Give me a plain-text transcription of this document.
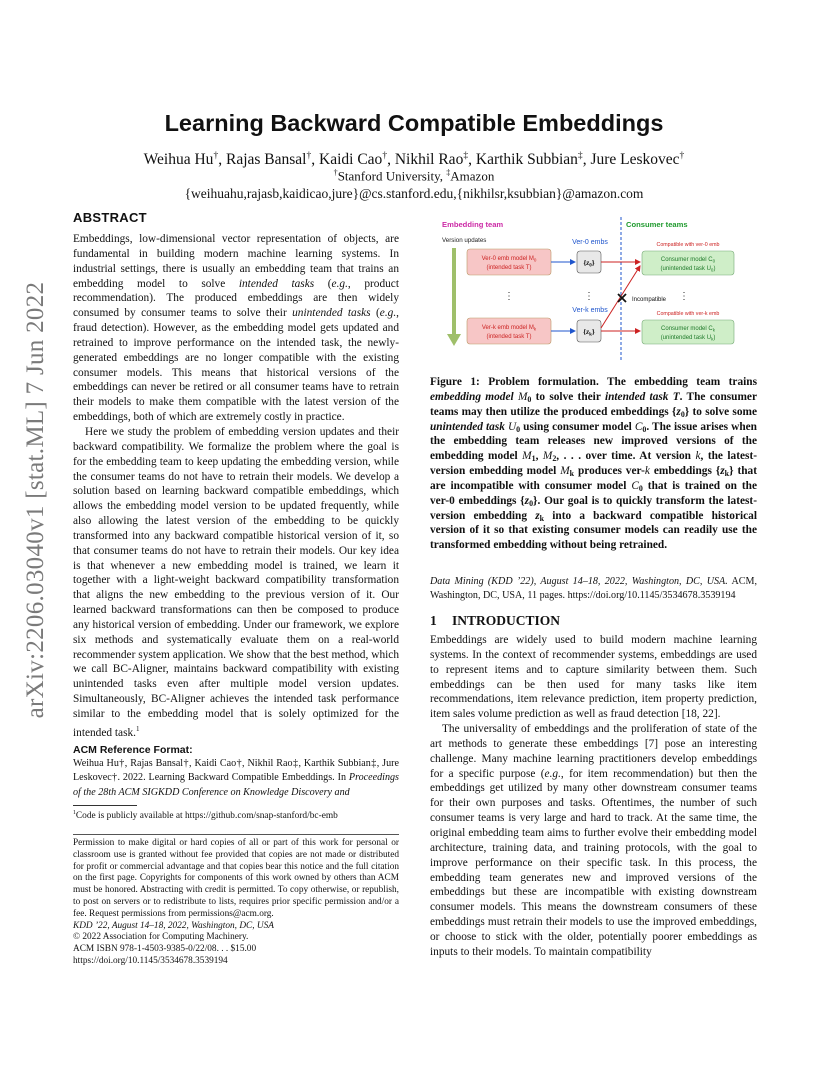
arXiv:2206.03040v1 [stat.ML] 7 Jun 2022
Learning Backward Compatible Embeddings
Weihua Hu†, Rajas Bansal†, Kaidi Cao†, Nikhil Rao‡, Karthik Subbian‡, Jure Leskovec†
†Stanford University, ‡Amazon
{weihuahu,rajasb,kaidicao,jure}@cs.stanford.edu,{nikhilsr,ksubbian}@amazon.com
ABSTRACT

Embeddings, low-dimensional vector representation of objects, are fundamental in building modern machine learning systems. In industrial settings, there is usually an embedding team that trains an embedding model to solve intended tasks (e.g., product recommendation). The produced embeddings are then widely consumed by consumer teams to solve their unintended tasks (e.g., fraud detection). However, as the embedding model gets updated and retrained to improve performance on the intended task, the newly-generated embeddings are no longer compatible with the existing consumer models. This means that historical versions of the embeddings can never be retired or all consumer teams have to retrain their models to make them compatible with the latest version of the embeddings, both of which are extremely costly in practice.

Here we study the problem of embedding version updates and their backward compatibility. We formalize the problem where the goal is for the embedding team to keep updating the embedding version, while the consumer teams do not have to retrain their models. We develop a solution based on learning backward compatible embeddings, which allows the embedding model version to be updated frequently, while also allowing the latest version of the embedding to be quickly transformed into any backward compatible historical version of it, so that consumer teams do not have to retrain their models. Our key idea is that whenever a new embedding model is trained, we learn it together with a light-weight backward compatibility transformation that aligns the new embedding to the previous version of it. Our learned backward transformations can then be composed to produce any historical version of embedding. Under our framework, we explore six methods and systematically evaluate them on a real-world recommender system application. We show that the best method, which we call BC-Aligner, maintains backward compatibility with existing unintended tasks even after multiple model version updates. Simultaneously, BC-Aligner achieves the intended task performance similar to the embedding model that is solely optimized for the intended task.$^1$

ACM Reference Format:
Weihua Hu†, Rajas Bansal†, Kaidi Cao†, Nikhil Rao‡, Karthik Subbian‡, Jure Leskovec†. 2022. Learning Backward Compatible Embeddings. In Proceedings of the 28th ACM SIGKDD Conference on Knowledge Discovery and
$^1$Code is publicly available at https://github.com/snap-stanford/bc-emb
Permission to make digital or hard copies of all or part of this work for personal or classroom use is granted without fee provided that copies are not made or distributed for profit or commercial advantage and that copies bear this notice and the full citation on the first page. Copyrights for components of this work owned by others than ACM must be honored. Abstracting with credit is permitted. To copy otherwise, or republish, to post on servers or to redistribute to lists, requires prior specific permission and/or a fee. Request permissions from permissions@acm.org.
KDD ’22, August 14–18, 2022, Washington, DC, USA
© 2022 Association for Computing Machinery.
ACM ISBN 978-1-4503-9385-0/22/08. . . $15.00
https://doi.org/10.1145/3534678.3539194
Embedding team	Consumer teams
Version updates
Ver-0 emb model $M_0$
(intended task T)
Ver-k emb model $M_k$
(intended task T)
Ver-0 embs
Ver-k embs
$\{z_0\}$
$\{z_k\}$
⋮	⋮	⋮
Compatible with ver-0 emb
Compatible with ver-k emb
Consumer model $C_0$
(unintended task $U_0$)
Consumer model $C_k$
(unintended task $U_k$)
Incompatible
Figure 1: Problem formulation. The embedding team trains embedding model $M_0$ to solve their intended task T. The consumer teams may then utilize the produced embeddings $\{z_0\}$ to solve some unintended task $U_0$ using consumer model $C_0$. The issue arises when the embedding team releases new improved versions of the embedding model $M_1$, $M_2$, . . . over time. At version k, the latest-version embedding model $M_k$ produces ver-k embeddings $\{z_k\}$ that are incompatible with consumer model $C_0$ that is trained on the ver-0 embeddings $\{z_0\}$. Our goal is to quickly transform the latest-version embedding $z_k$ into a backward compatible historical version of it so that existing consumer models can readily use the transformed embedding without being retrained.
Data Mining (KDD ’22), August 14–18, 2022, Washington, DC, USA. ACM, Washington, DC, USA, 11 pages. https://doi.org/10.1145/3534678.3539194
1 INTRODUCTION

Embeddings are widely used to build modern machine learning systems. In the context of recommender systems, embeddings are used to represent items and to capture similarity between them. Such embeddings can be then used for many tasks like item recommendations, item relevance prediction, item property prediction, item sales volume prediction as well as fraud detection [18, 22].

The universality of embeddings and the proliferation of state of the art methods to generate these embeddings [7] pose an interesting challenge. Many machine learning practitioners develop embeddings for a specific purpose (e.g., for item recommendation) but then the embeddings get utilized by many other downstream consumer teams for their own purposes and tasks. Oftentimes, the number of such consumer teams is very large and hard to track. At the same time, the original embedding team aims to further evolve their embedding model architecture, training data, and training protocols, with the goal to improve performance on their specific task. In this process, the embedding team generates new and improved versions of the embeddings but these are incompatible with existing downstream consumer models. This means the downstream consumers of these embeddings must retrain their models to use the improved embeddings, or choose to stick with the older, potentially poorer embeddings as inputs to their models. To maintain compatibility
